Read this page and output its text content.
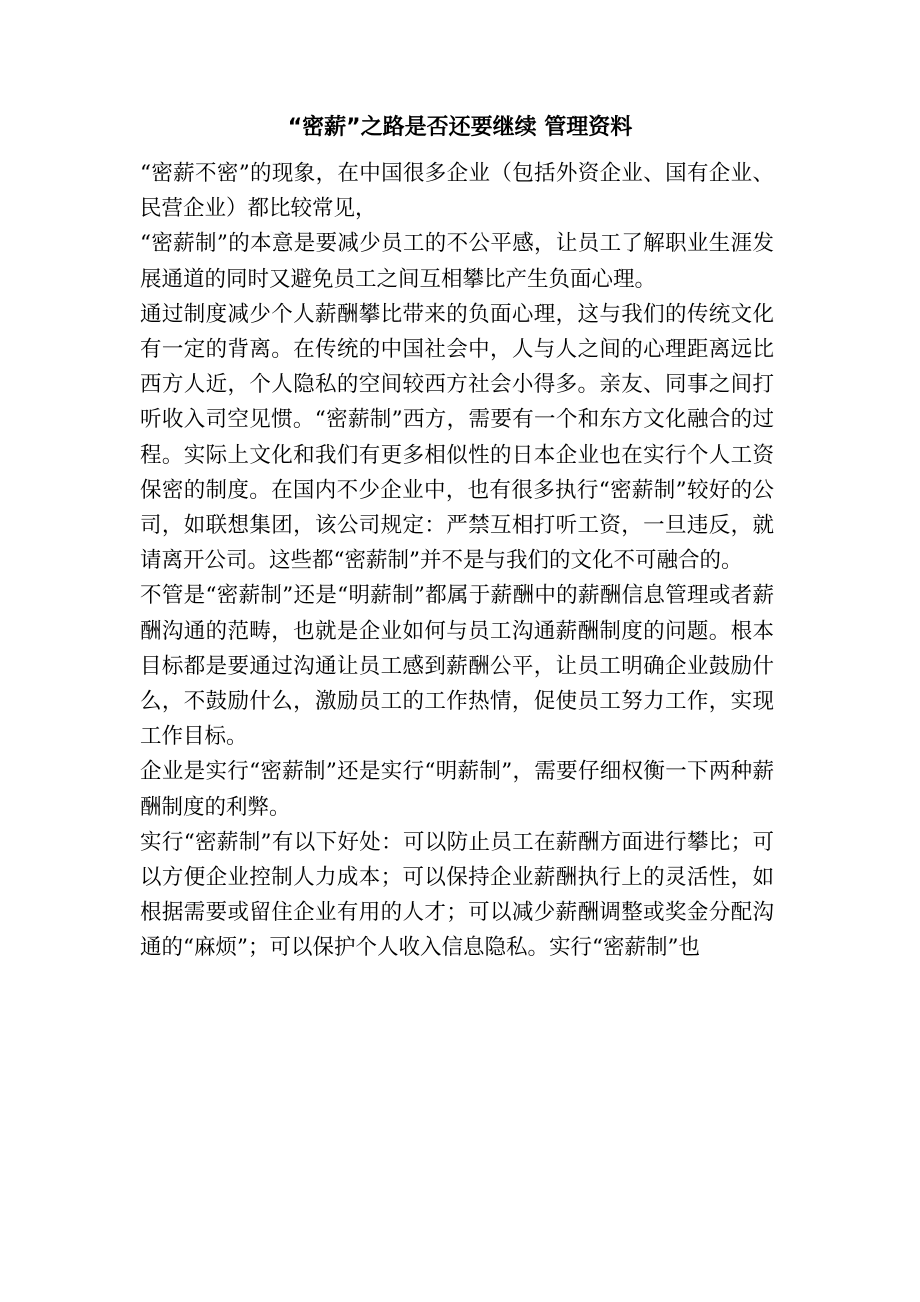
“密薪”之路是否还要继续 管理资料

“密薪不密”的现象，在中国很多企业（包括外资企业、国有企业、民营企业）都比较常见，

“密薪制”的本意是要减少员工的不公平感，让员工了解职业生涯发展通道的同时又避免员工之间互相攀比产生负面心理。

通过制度减少个人薪酬攀比带来的负面心理，这与我们的传统文化有一定的背离。在传统的中国社会中，人与人之间的心理距离远比西方人近，个人隐私的空间较西方社会小得多。亲友、同事之间打听收入司空见惯。“密薪制”西方，需要有一个和东方文化融合的过程。实际上文化和我们有更多相似性的日本企业也在实行个人工资保密的制度。在国内不少企业中，也有很多执行“密薪制”较好的公司，如联想集团，该公司规定：严禁互相打听工资，一旦违反，就请离开公司。这些都“密薪制”并不是与我们的文化不可融合的。

不管是“密薪制”还是“明薪制”都属于薪酬中的薪酬信息管理或者薪酬沟通的范畴，也就是企业如何与员工沟通薪酬制度的问题。根本目标都是要通过沟通让员工感到薪酬公平，让员工明确企业鼓励什么，不鼓励什么，激励员工的工作热情，促使员工努力工作，实现工作目标。

企业是实行“密薪制”还是实行“明薪制”，需要仔细权衡一下两种薪酬制度的利弊。

实行“密薪制”有以下好处：可以防止员工在薪酬方面进行攀比；可以方便企业控制人力成本；可以保持企业薪酬执行上的灵活性，如根据需要或留住企业有用的人才；可以减少薪酬调整或奖金分配沟通的“麻烦”；可以保护个人收入信息隐私。实行“密薪制”也
